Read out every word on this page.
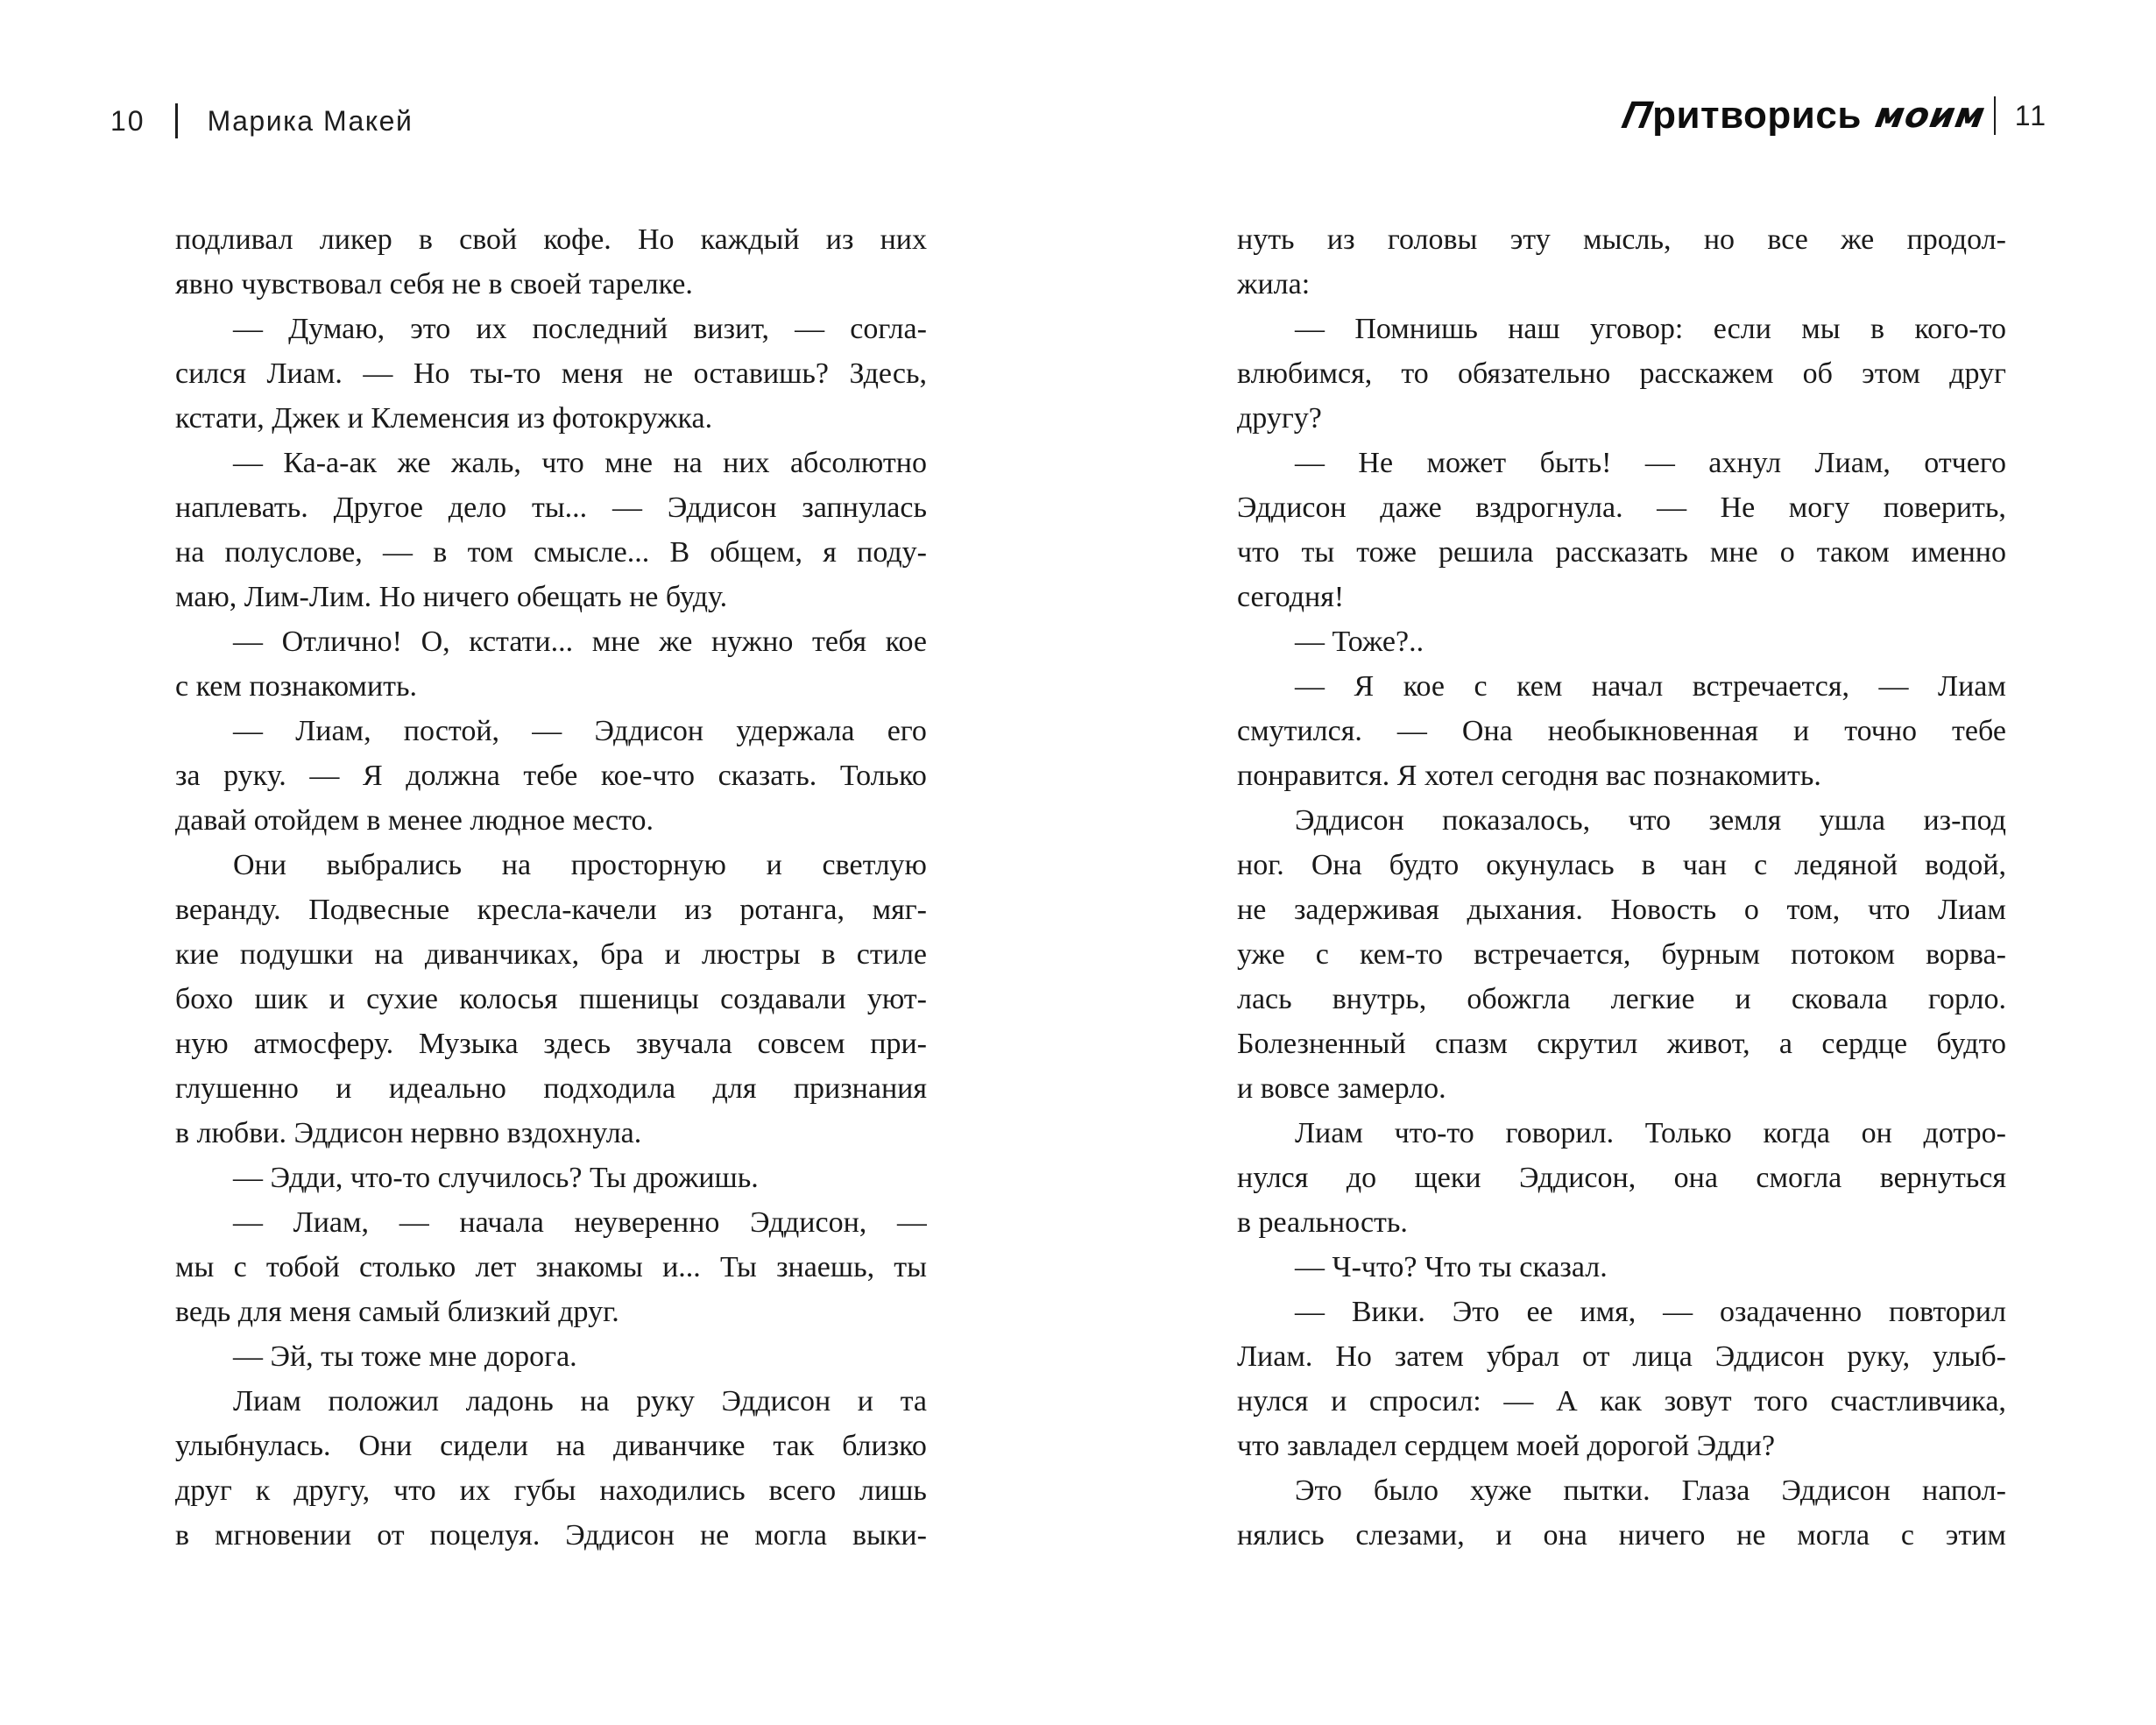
10 Марика Макей
подливал ликер в свой кофе. Но каждый из них
явно чувствовал себя не в своей тарелке.
— Думаю, это их последний визит, — согла-
сился Лиам. — Но ты-то меня не оставишь? Здесь,
кстати, Джек и Клеменсия из фотокружка.
— Ка-а-ак же жаль, что мне на них абсолютно
наплевать. Другое дело ты... — Эддисон запнулась
на полуслове, — в том смысле... В общем, я поду-
маю, Лим-Лим. Но ничего обещать не буду.
— Отлично! О, кстати... мне же нужно тебя кое
с кем познакомить.
— Лиам, постой, — Эддисон удержала его
за руку. — Я должна тебе кое-что сказать. Только
давай отойдем в менее людное место.
Они выбрались на просторную и светлую
веранду. Подвесные кресла-качели из ротанга, мяг-
кие подушки на диванчиках, бра и люстры в стиле
бохо шик и сухие колосья пшеницы создавали уют-
ную атмосферу. Музыка здесь звучала совсем при-
глушенно и идеально подходила для признания
в любви. Эддисон нервно вздохнула.
— Эдди, что-то случилось? Ты дрожишь.
— Лиам, — начала неуверенно Эддисон, —
мы с тобой столько лет знакомы и... Ты знаешь, ты
ведь для меня самый близкий друг.
— Эй, ты тоже мне дорога.
Лиам положил ладонь на руку Эддисон и та
улыбнулась. Они сидели на диванчике так близко
друг к другу, что их губы находились всего лишь
в мгновении от поцелуя. Эддисон не могла выки-
Притворись моим 11
нуть из головы эту мысль, но все же продол-
жила:
— Помнишь наш уговор: если мы в кого-то
влюбимся, то обязательно расскажем об этом друг
другу?
— Не может быть! — ахнул Лиам, отчего
Эддисон даже вздрогнула. — Не могу поверить,
что ты тоже решила рассказать мне о таком именно
сегодня!
— Тоже?..
— Я кое с кем начал встречается, — Лиам
смутился. — Она необыкновенная и точно тебе
понравится. Я хотел сегодня вас познакомить.
Эддисон показалось, что земля ушла из-под
ног. Она будто окунулась в чан с ледяной водой,
не задерживая дыхания. Новость о том, что Лиам
уже с кем-то встречается, бурным потоком ворва-
лась внутрь, обожгла легкие и сковала горло.
Болезненный спазм скрутил живот, а сердце будто
и вовсе замерло.
Лиам что-то говорил. Только когда он дотро-
нулся до щеки Эддисон, она смогла вернуться
в реальность.
— Ч-что? Что ты сказал.
— Вики. Это ее имя, — озадаченно повторил
Лиам. Но затем убрал от лица Эддисон руку, улыб-
нулся и спросил: — А как зовут того счастливчика,
что завладел сердцем моей дорогой Эдди?
Это было хуже пытки. Глаза Эддисон напол-
нялись слезами, и она ничего не могла с этим
